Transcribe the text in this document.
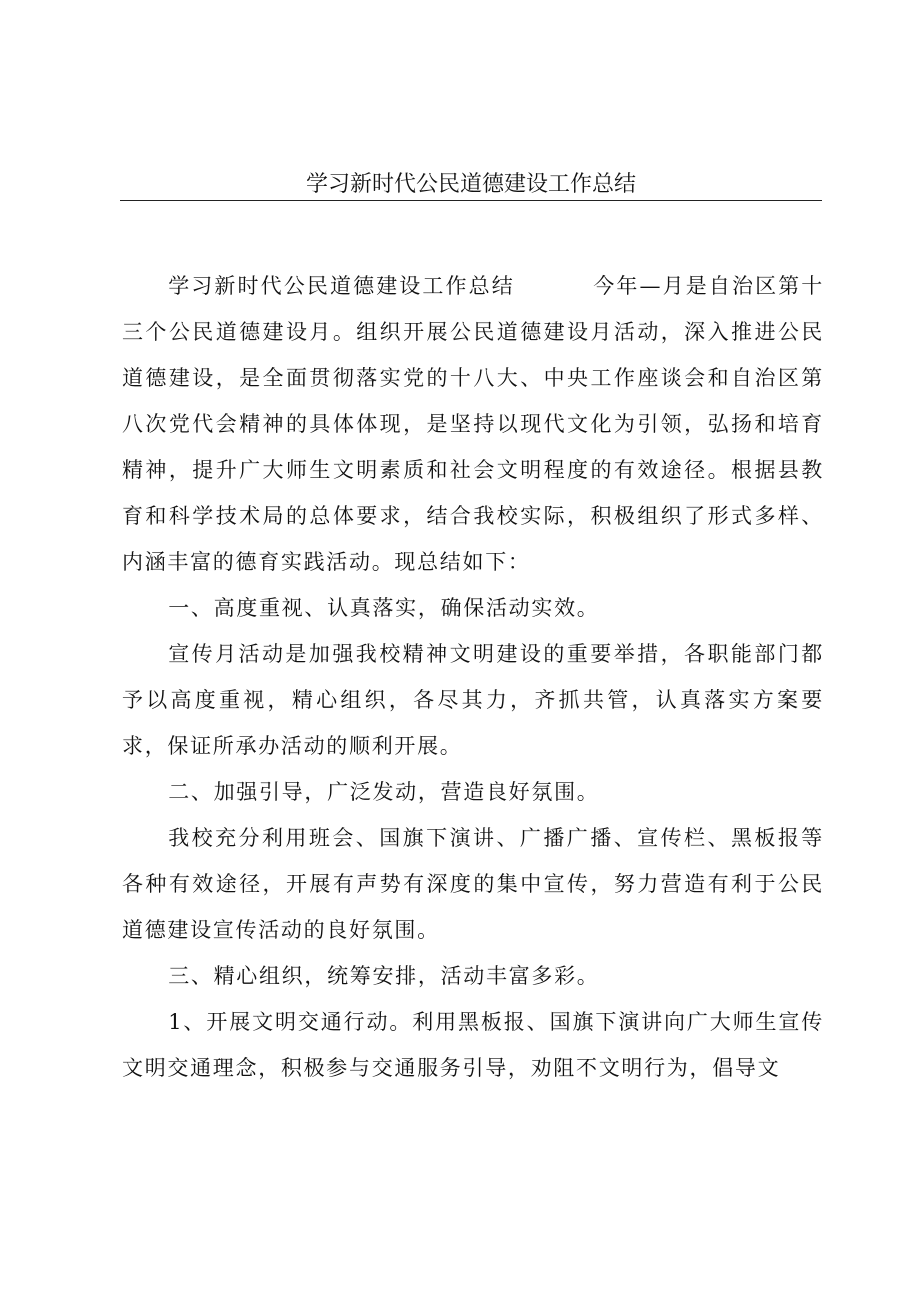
学习新时代公民道德建设工作总结

学习新时代公民道德建设工作总结	今年—月是自治区第十三个公民道德建设月。组织开展公民道德建设月活动，深入推进公民道德建设，是全面贯彻落实党的十八大、中央工作座谈会和自治区第八次党代会精神的具体体现，是坚持以现代文化为引领，弘扬和培育精神，提升广大师生文明素质和社会文明程度的有效途径。根据县教育和科学技术局的总体要求，结合我校实际，积极组织了形式多样、内涵丰富的德育实践活动。现总结如下：

一、高度重视、认真落实，确保活动实效。

宣传月活动是加强我校精神文明建设的重要举措，各职能部门都予以高度重视，精心组织，各尽其力，齐抓共管，认真落实方案要求，保证所承办活动的顺利开展。

二、加强引导，广泛发动，营造良好氛围。

我校充分利用班会、国旗下演讲、广播广播、宣传栏、黑板报等各种有效途径，开展有声势有深度的集中宣传，努力营造有利于公民道德建设宣传活动的良好氛围。

三、精心组织，统筹安排，活动丰富多彩。

1、开展文明交通行动。利用黑板报、国旗下演讲向广大师生宣传文明交通理念，积极参与交通服务引导，劝阻不文明行为，倡导文
